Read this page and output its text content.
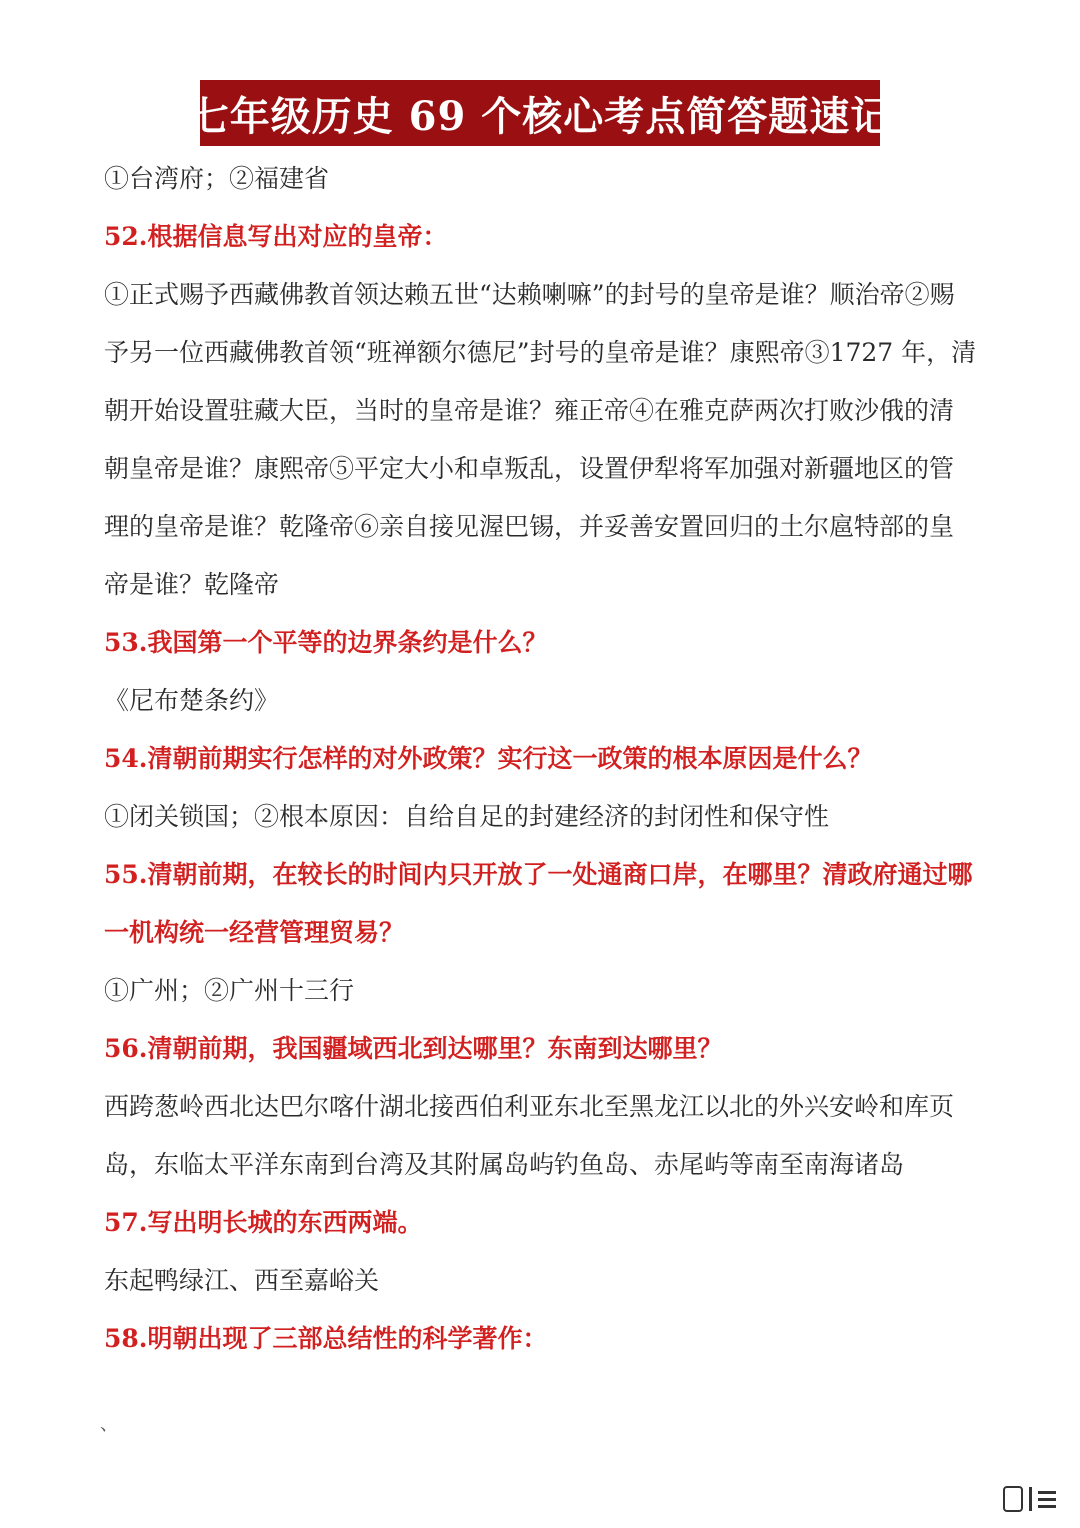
七年级历史 69 个核心考点简答题速记
①台湾府；②福建省
52.根据信息写出对应的皇帝：
①正式赐予西藏佛教首领达赖五世“达赖喇嘛”的封号的皇帝是谁？顺治帝②赐
予另一位西藏佛教首领“班禅额尔德尼”封号的皇帝是谁？康熙帝③1727 年，清
朝开始设置驻藏大臣，当时的皇帝是谁？雍正帝④在雅克萨两次打败沙俄的清
朝皇帝是谁？康熙帝⑤平定大小和卓叛乱，设置伊犁将军加强对新疆地区的管
理的皇帝是谁？乾隆帝⑥亲自接见渥巴锡，并妥善安置回归的土尔扈特部的皇
帝是谁？乾隆帝
53.我国第一个平等的边界条约是什么？
《尼布楚条约》
54.清朝前期实行怎样的对外政策？实行这一政策的根本原因是什么？
①闭关锁国；②根本原因：自给自足的封建经济的封闭性和保守性
55.清朝前期，在较长的时间内只开放了一处通商口岸，在哪里？清政府通过哪
一机构统一经营管理贸易？
①广州；②广州十三行
56.清朝前期，我国疆域西北到达哪里？东南到达哪里？
西跨葱岭西北达巴尔喀什湖北接西伯利亚东北至黑龙江以北的外兴安岭和库页
岛，东临太平洋东南到台湾及其附属岛屿钓鱼岛、赤尾屿等南至南海诸岛
57.写出明长城的东西两端。
东起鸭绿江、西至嘉峪关
58.明朝出现了三部总结性的科学著作：
、
